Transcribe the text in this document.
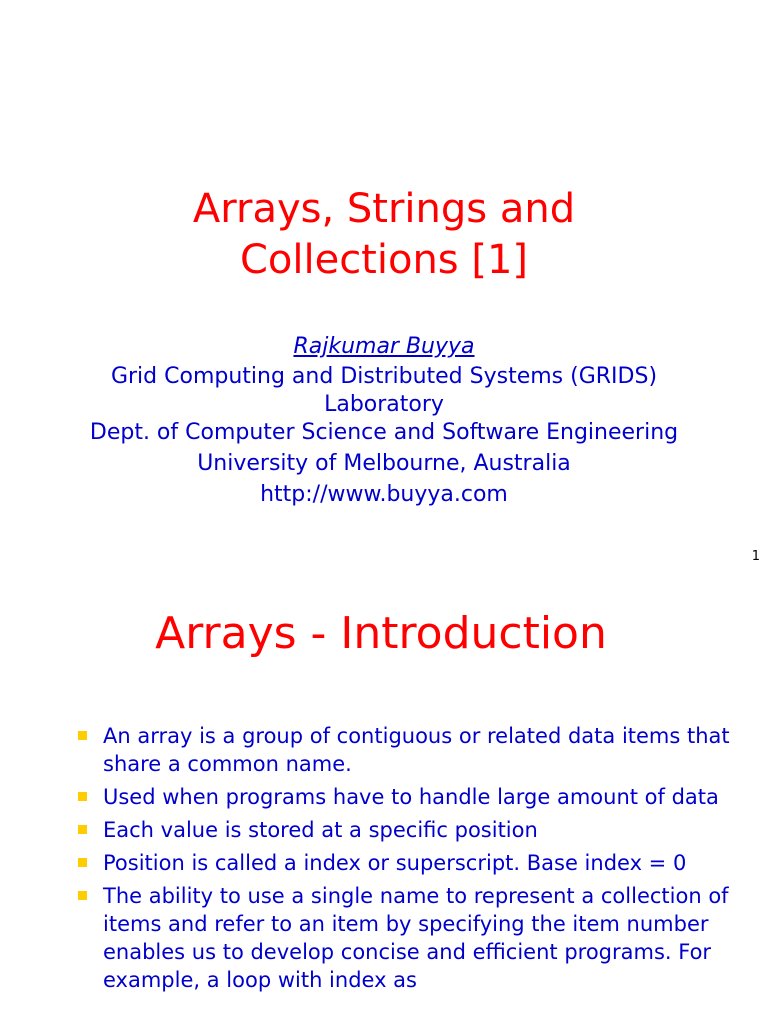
Arrays, Strings and
Collections [1]
Rajkumar Buyya
Grid Computing and Distributed Systems (GRIDS)
Laboratory
Dept. of Computer Science and Software Engineering
University of Melbourne, Australia
http://www.buyya.com
1
Arrays - Introduction
An array is a group of contiguous or related data items that share a common name.
Used when programs have to handle large amount of data
Each value is stored at a specific position
Position is called a index or superscript. Base index = 0
The ability to use a single name to represent a collection of items and refer to an item by specifying the item number enables us to develop concise and efficient programs. For example, a loop with index as
